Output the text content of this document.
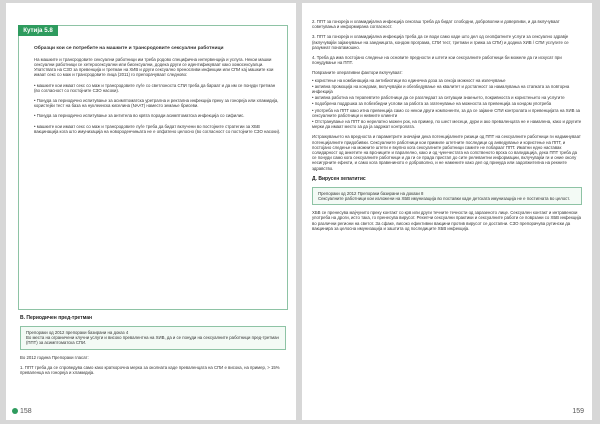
Кутија 5.8

Образци кои се потребите на машките и трансродовите сексуални работници

На машките и трансродовите сексуални работници им треба родово специфична интервенција и услуга. Некои машки сексуални работници се хетеросексуални или бисексуални, додека други се идентификуваат како хомосексуалци. Упатствата на СЗО за превенција и третман на ХИВ и други сексуално преносливи инфекции или СПИ кај машките кои имаат секс со маж и трансродовите лица (2011) го препорачуваат следново:

• машките кои имаат секс со маж и трансродовите луѓе со светлоноста СПИ треба да бараат и да им се понуди третман (во согласност со постојните СЗО насоки).

• Понуда за периодично испитување за асимптоматска уретрална и ректална инфекција преку за гонореја или хламидија, користејќи тест на база на нуклеинска киселина (NAAT) наместо земање брисеви.

• Понуда за периодично испитување за антитела во крвта поради асимптоматска инфекција со сифилис.

• машките кои имаат секс со маж и трансродовите луѓе треба да бидат вклучени во постојните стратегии за ХБВ вакцинација кога што имунизација на новороденчињата не е опфатено целосно (во согласност со постојните СЗО насоки).

В. Периодичен пред-третман

Препораки од 2012 препораки базирани на доказ 4
Во места на ограничени клучни услуги и високо превалентна на ХИВ, да и се понуди на сексуалните работници пред-третман (ППТ) за асимптоматска СПИ.

Во 2012 година Препораки гласат:

1. ППТ треба да се спроведува само како краткорочна мерка за околната каде преваленцата на СПИ е висока, на пример, > 15% преваленца на гонореја и хламидија.

158

2. ППТ за гонореја и хламидијална инфекција секогаш треба да бидат слободни, доброволни и доверливи, и да вклучуваат советувања и информирана согласност.

3. ППТ за гонореја и хламидијална инфекција треба да се води само каде што дел од сеопфатните услуги за сексуално здравје (вклучувајќи зајакнување на заедницата, кондом програма, СПИ тест, третман и грижа за СПИ) и додека ХИВ / СПИ услугите се разумеат понатамошно.

4. Треба да има постојано следење на основите предности и штети кои сексуалните работници би можеле да ги искусат при понудување на ППТ.

Поврзаните оперативни фактори вклучуваат:

• користење на комбинација на антибиотици во единечна доза за секоја можност на излечување

• активна промоција на кондоми, вклучувајќи и обезбедување на квалитет и достапност за намалувања на стапката за повторна инфекција

• активна работна на терапевтите работници да се разгледаат за ситуации знаењето, покривноста и користењето на услугите

• подобрена поддршка за побезбедни услови за работа за згатенување на можноста за превенција за кондом употреба

• употреба на ППТ како итна превенција само со некои други компоненти, за да се зајакне СПИ контролата и превенцијата на ХИВ за сексуалните работници и нивните клиенти

• Отстранување на ППТ во нерелатно можен рок, на пример, по шест месеци, дури и ако преваленцата не е намалена, како и другите мерки да имаат место за да ја задржат контролата.

Истражувањето на вредноста и параметрите значајни дека потенцијалните ризици од ППТ на сексуалните работници ги надминуваат потенцијалните придобивки. Сексуалните работници кои примиле штетните последици од анведување и користење на ППТ, и постојано следење на можните штети е вкупно кога сексуалните работници самите не побараат ППТ. Иматни едно наставак солидарност од анкетите на врсниците и паралелно, како и од чуенчестата на сопственото врска со валидација, дека ППТ треба да се понуди само кога сексуалните работници и да ги се прада пристап до сите релевантни информации, вклучувајќи ги и оние околу несигурните ефекти, и само кога правениното е доброволно, и не намените како дел од принуда или задолжителна на рекните здравство.

Д. Вирусен хепатитис

Препораки од 2012 Препораки базирани на докази 8
Сексуалните работници кои изложени на ХБВ имунизација во поставки каде детската имунизација не е постигната во целост.

ХБВ се пренесува мајчунито преку контакт со крв или други течните течности од заразеното лице. Сексуален контакт и интравенски употреба на дроги, исто така, го пренесува вирусот. Рехепчи сексуални практики и сексуалните работи се поврзани со ХБВ инфекција во различни региони на светот. За сфаке, високо ефективни вакцини против вирусот се достапни. СЗО препорачува рутински да вакцинира за целосна имунизација и заштита од последиците ХБВ инфекција.

159
